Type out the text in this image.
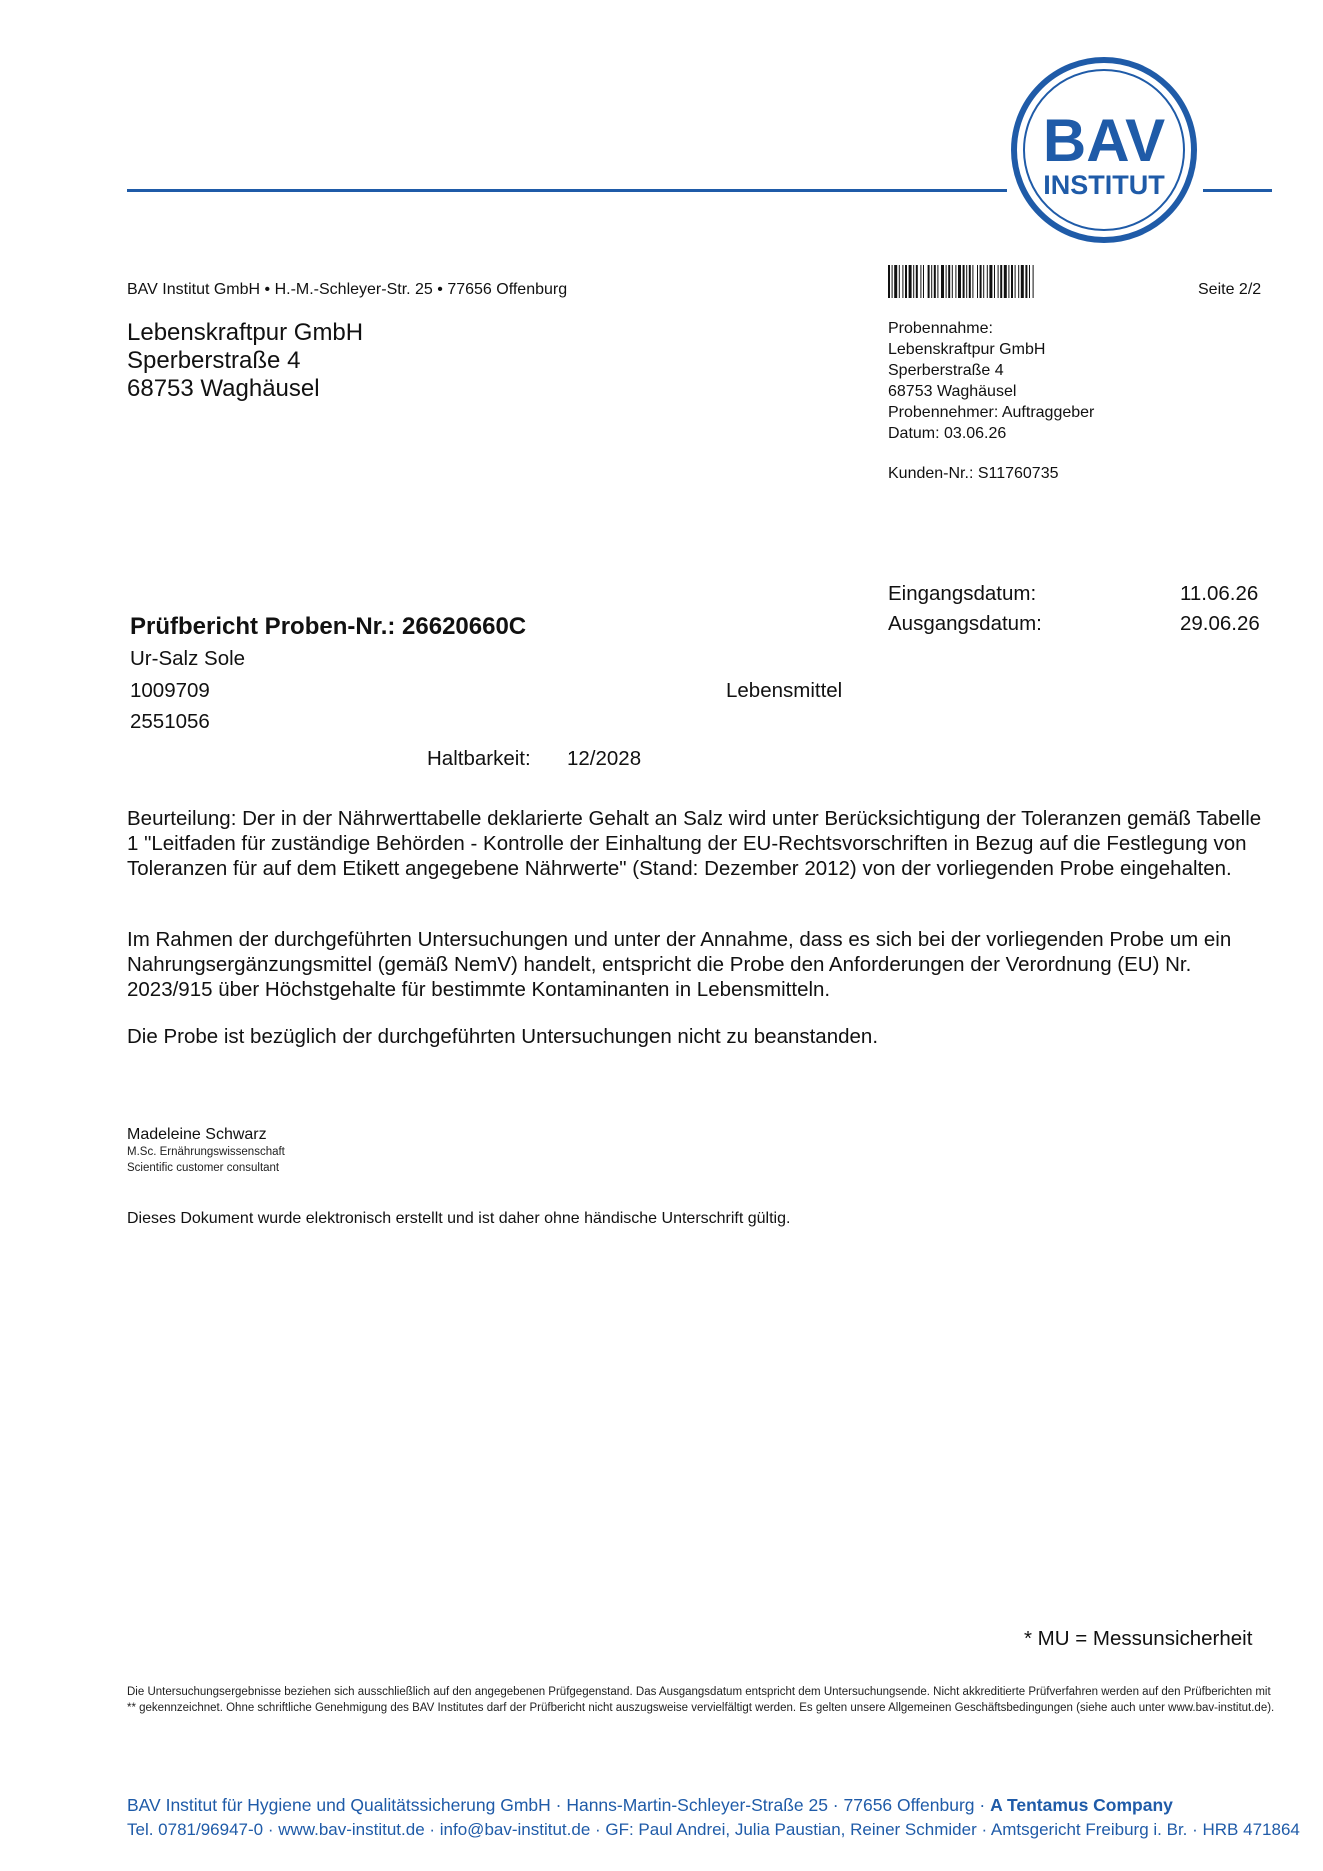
BAV
INSTITUT
BAV Institut GmbH • H.-M.-Schleyer-Str. 25 • 77656 Offenburg	Seite 2/2
Lebenskraftpur GmbH
Sperberstraße 4
68753 Waghäusel
Probennahme:
Lebenskraftpur GmbH
Sperberstraße 4
68753 Waghäusel
Probennehmer: Auftraggeber
Datum: 03.06.26
Kunden-Nr.: S11760735
Eingangsdatum:	11.06.26
Ausgangsdatum:	29.06.26
Prüfbericht Proben-Nr.: 26620660C
Ur-Salz Sole
1009709	Lebensmittel
2551056
Haltbarkeit: 12/2028
Beurteilung: Der in der Nährwerttabelle deklarierte Gehalt an Salz wird unter Berücksichtigung der Toleranzen gemäß Tabelle 1 "Leitfaden für zuständige Behörden - Kontrolle der Einhaltung der EU-Rechtsvorschriften in Bezug auf die Festlegung von Toleranzen für auf dem Etikett angegebene Nährwerte" (Stand: Dezember 2012) von der vorliegenden Probe eingehalten.
Im Rahmen der durchgeführten Untersuchungen und unter der Annahme, dass es sich bei der vorliegenden Probe um ein Nahrungsergänzungsmittel (gemäß NemV) handelt, entspricht die Probe den Anforderungen der Verordnung (EU) Nr. 2023/915 über Höchstgehalte für bestimmte Kontaminanten in Lebensmitteln.
Die Probe ist bezüglich der durchgeführten Untersuchungen nicht zu beanstanden.
Madeleine Schwarz
M.Sc. Ernährungswissenschaft
Scientific customer consultant
Dieses Dokument wurde elektronisch erstellt und ist daher ohne händische Unterschrift gültig.
* MU = Messunsicherheit
Die Untersuchungsergebnisse beziehen sich ausschließlich auf den angegebenen Prüfgegenstand. Das Ausgangsdatum entspricht dem Untersuchungsende. Nicht akkreditierte Prüfverfahren werden auf den Prüfberichten mit ** gekennzeichnet. Ohne schriftliche Genehmigung des BAV Institutes darf der Prüfbericht nicht auszugsweise vervielfältigt werden. Es gelten unsere Allgemeinen Geschäftsbedingungen (siehe auch unter www.bav-institut.de).
BAV Institut für Hygiene und Qualitätssicherung GmbH · Hanns-Martin-Schleyer-Straße 25 · 77656 Offenburg · A Tentamus Company
Tel. 0781/96947-0 · www.bav-institut.de · info@bav-institut.de · GF: Paul Andrei, Julia Paustian, Reiner Schmider · Amtsgericht Freiburg i. Br. · HRB 471864
